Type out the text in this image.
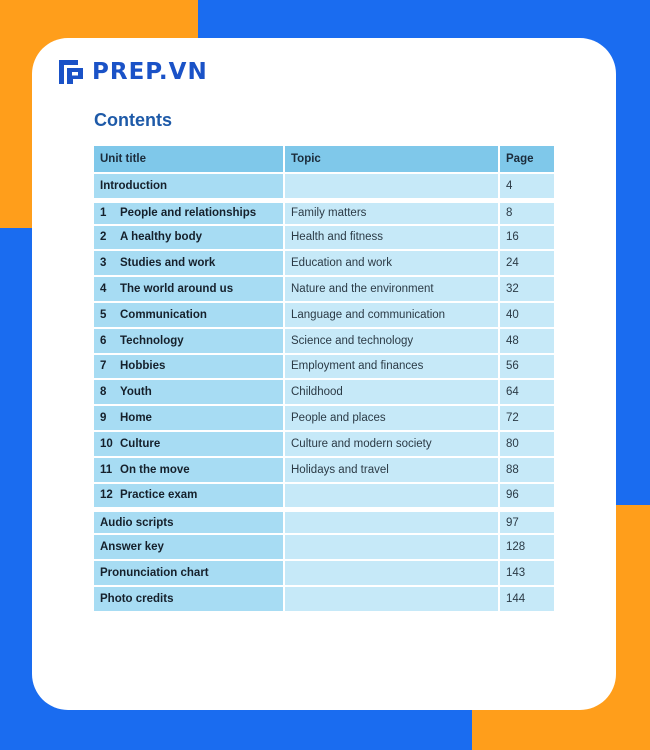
PREP.VN
Contents
Unit title	Topic	Page
Introduction		4
1 People and relationships	Family matters	8
2 A healthy body	Health and fitness	16
3 Studies and work	Education and work	24
4 The world around us	Nature and the environment	32
5 Communication	Language and communication	40
6 Technology	Science and technology	48
7 Hobbies	Employment and finances	56
8 Youth	Childhood	64
9 Home	People and places	72
10 Culture	Culture and modern society	80
11 On the move	Holidays and travel	88
12 Practice exam		96
Audio scripts		97
Answer key		128
Pronunciation chart		143
Photo credits		144
